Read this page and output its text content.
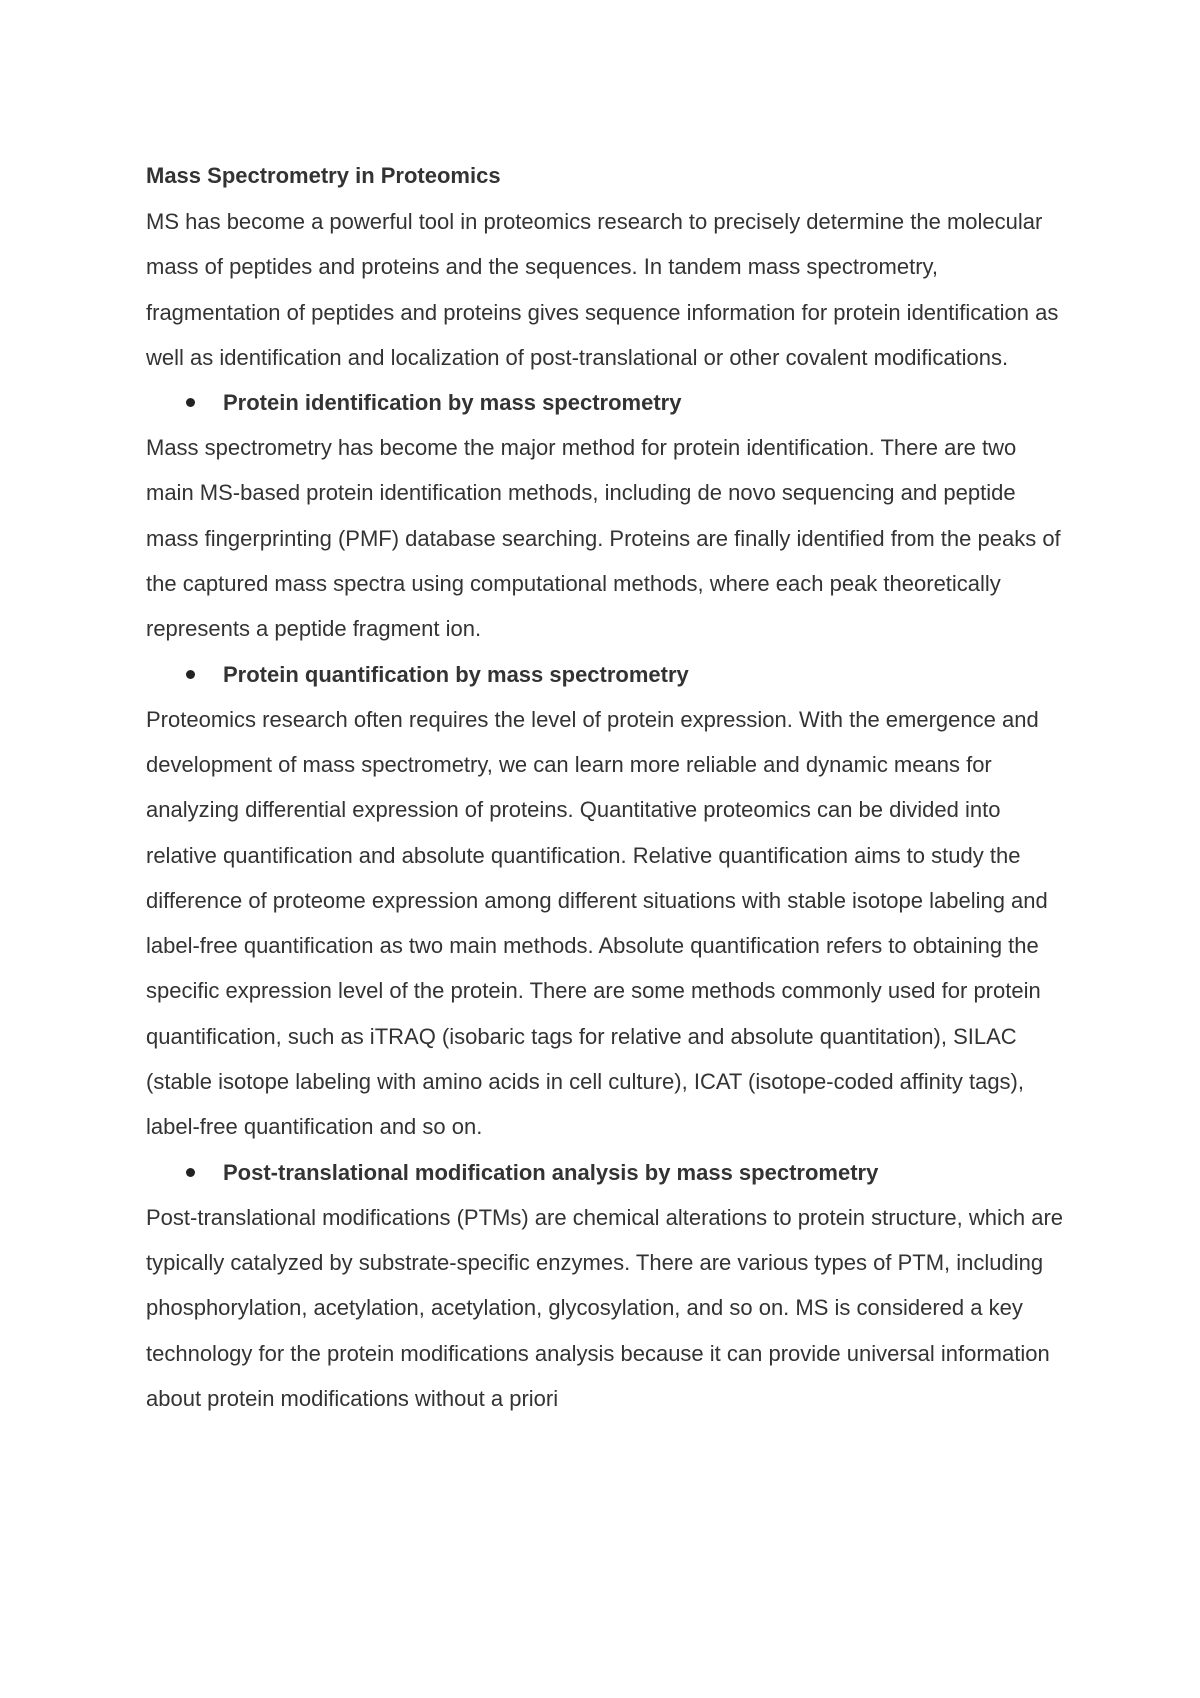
Mass Spectrometry in Proteomics

MS has become a powerful tool in proteomics research to precisely determine the molecular mass of peptides and proteins and the sequences. In tandem mass spectrometry, fragmentation of peptides and proteins gives sequence information for protein identification as well as identification and localization of post-translational or other covalent modifications.

Protein identification by mass spectrometry

Mass spectrometry has become the major method for protein identification. There are two main MS-based protein identification methods, including de novo sequencing and peptide mass fingerprinting (PMF) database searching. Proteins are finally identified from the peaks of the captured mass spectra using computational methods, where each peak theoretically represents a peptide fragment ion.

Protein quantification by mass spectrometry

Proteomics research often requires the level of protein expression. With the emergence and development of mass spectrometry, we can learn more reliable and dynamic means for analyzing differential expression of proteins. Quantitative proteomics can be divided into relative quantification and absolute quantification. Relative quantification aims to study the difference of proteome expression among different situations with stable isotope labeling and label-free quantification as two main methods. Absolute quantification refers to obtaining the specific expression level of the protein. There are some methods commonly used for protein quantification, such as iTRAQ (isobaric tags for relative and absolute quantitation), SILAC (stable isotope labeling with amino acids in cell culture), ICAT (isotope-coded affinity tags), label-free quantification and so on.

Post-translational modification analysis by mass spectrometry

Post-translational modifications (PTMs) are chemical alterations to protein structure, which are typically catalyzed by substrate-specific enzymes. There are various types of PTM, including phosphorylation, acetylation, acetylation, glycosylation, and so on. MS is considered a key technology for the protein modifications analysis because it can provide universal information about protein modifications without a priori
